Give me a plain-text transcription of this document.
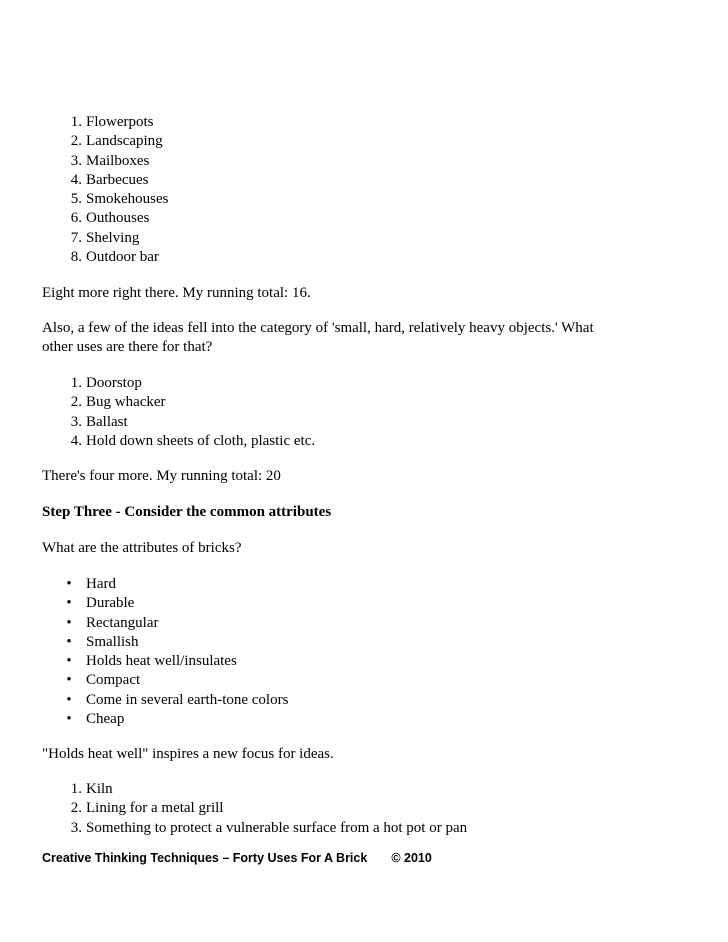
1. Flowerpots
2. Landscaping
3. Mailboxes
4. Barbecues
5. Smokehouses
6. Outhouses
7. Shelving
8. Outdoor bar

Eight more right there. My running total: 16.

Also, a few of the ideas fell into the category of 'small, hard, relatively heavy objects.' What
other uses are there for that?

1. Doorstop
2. Bug whacker
3. Ballast
4. Hold down sheets of cloth, plastic etc.

There's four more. My running total: 20

Step Three - Consider the common attributes

What are the attributes of bricks?

• Hard
• Durable
• Rectangular
• Smallish
• Holds heat well/insulates
• Compact
• Come in several earth-tone colors
• Cheap

"Holds heat well" inspires a new focus for ideas.

1. Kiln
2. Lining for a metal grill
3. Something to protect a vulnerable surface from a hot pot or pan
Creative Thinking Techniques – Forty Uses For A Brick © 2010
